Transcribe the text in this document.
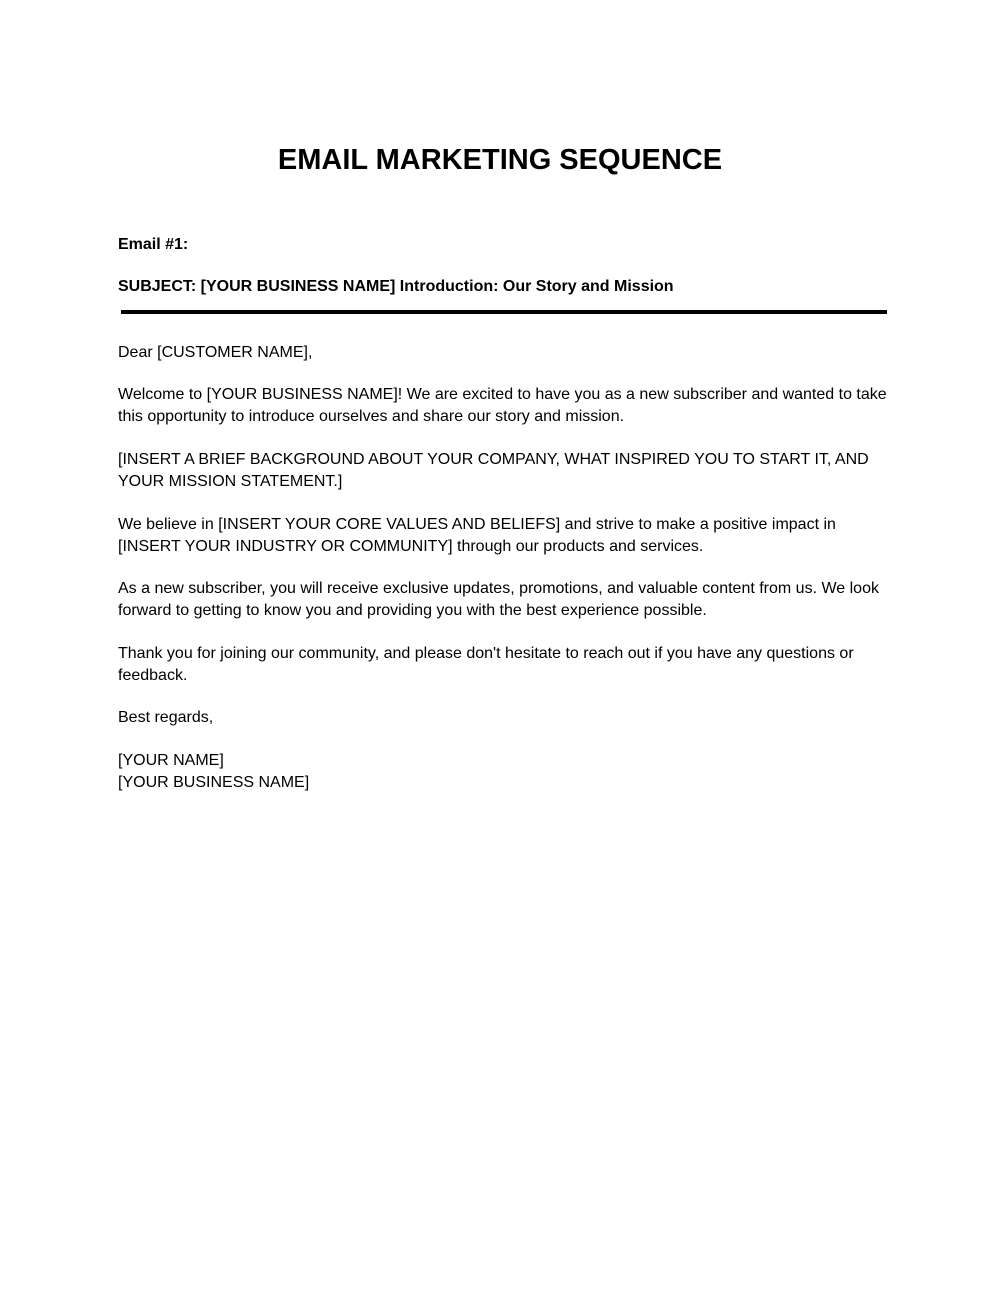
EMAIL MARKETING SEQUENCE
Email #1:
SUBJECT: [YOUR BUSINESS NAME] Introduction: Our Story and Mission

Dear [CUSTOMER NAME],

Welcome to [YOUR BUSINESS NAME]! We are excited to have you as a new subscriber and wanted to take this opportunity to introduce ourselves and share our story and mission.

[INSERT A BRIEF BACKGROUND ABOUT YOUR COMPANY, WHAT INSPIRED YOU TO START IT, AND YOUR MISSION STATEMENT.]

We believe in [INSERT YOUR CORE VALUES AND BELIEFS] and strive to make a positive impact in [INSERT YOUR INDUSTRY OR COMMUNITY] through our products and services.

As a new subscriber, you will receive exclusive updates, promotions, and valuable content from us. We look forward to getting to know you and providing you with the best experience possible.

Thank you for joining our community, and please don't hesitate to reach out if you have any questions or feedback.

Best regards,

[YOUR NAME]
[YOUR BUSINESS NAME]
